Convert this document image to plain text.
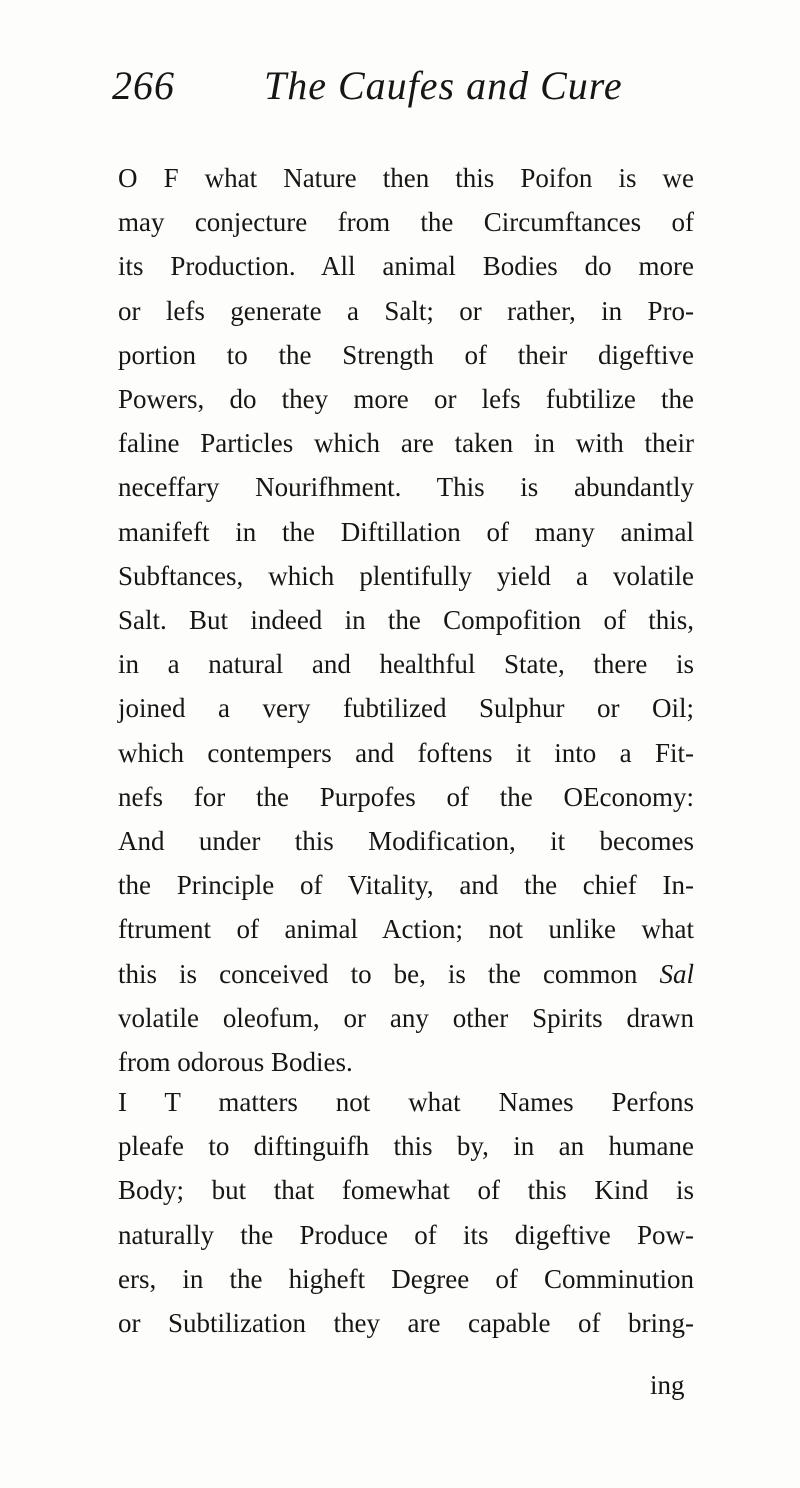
266 The Caufes and Cure
O F what Nature then this Poifon is we
may conjecture from the Circumftances of
its Production. All animal Bodies do more
or lefs generate a Salt; or rather, in Pro-
portion to the Strength of their digeftive
Powers, do they more or lefs fubtilize the
faline Particles which are taken in with their
neceffary Nourifhment. This is abundantly
manifeft in the Diftillation of many animal
Subftances, which plentifully yield a volatile
Salt. But indeed in the Compofition of this,
in a natural and healthful State, there is
joined a very fubtilized Sulphur or Oil;
which contempers and foftens it into a Fit-
nefs for the Purpofes of the OEconomy:
And under this Modification, it becomes
the Principle of Vitality, and the chief In-
ftrument of animal Action; not unlike what
this is conceived to be, is the common Sal
volatile oleofum, or any other Spirits drawn
from odorous Bodies.
I T matters not what Names Perfons
pleafe to diftinguifh this by, in an humane
Body; but that fomewhat of this Kind is
naturally the Produce of its digeftive Pow-
ers, in the higheft Degree of Comminution
or Subtilization they are capable of bring-
ing
